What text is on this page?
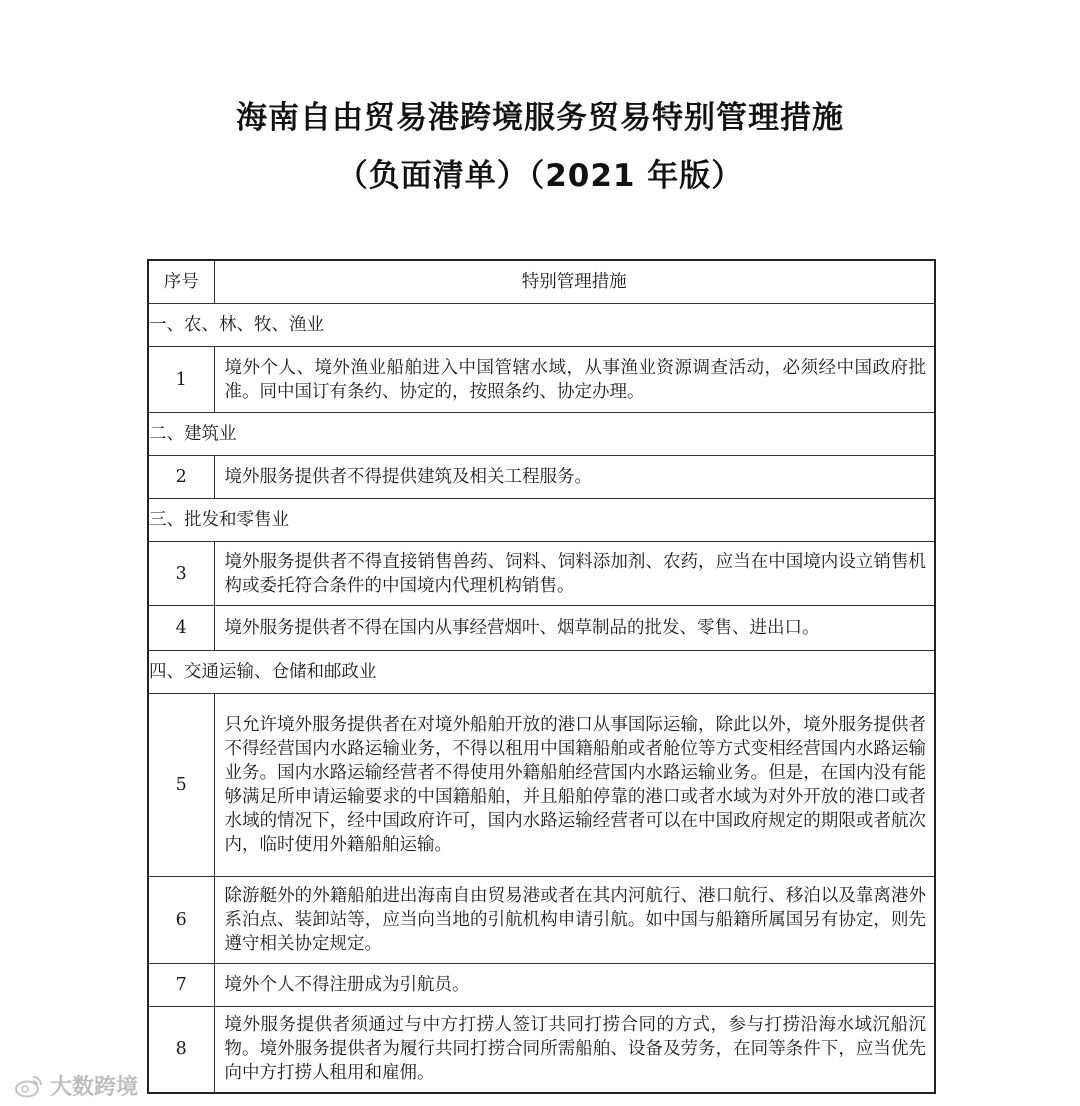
海南自由贸易港跨境服务贸易特别管理措施
（负面清单）（2021 年版）
序号	特别管理措施
一、农、林、牧、渔业	
1	境外个人、境外渔业船舶进入中国管辖水域，从事渔业资源调查活动，必须经中国政府批准。同中国订有条约、协定的，按照条约、协定办理。
二、建筑业	
2	境外服务提供者不得提供建筑及相关工程服务。
三、批发和零售业	
3	境外服务提供者不得直接销售兽药、饲料、饲料添加剂、农药，应当在中国境内设立销售机构或委托符合条件的中国境内代理机构销售。
4	境外服务提供者不得在国内从事经营烟叶、烟草制品的批发、零售、进出口。
四、交通运输、仓储和邮政业	
5	只允许境外服务提供者在对境外船舶开放的港口从事国际运输，除此以外，境外服务提供者不得经营国内水路运输业务，不得以租用中国籍船舶或者舱位等方式变相经营国内水路运输业务。国内水路运输经营者不得使用外籍船舶经营国内水路运输业务。但是，在国内没有能够满足所申请运输要求的中国籍船舶，并且船舶停靠的港口或者水域为对外开放的港口或者水域的情况下，经中国政府许可，国内水路运输经营者可以在中国政府规定的期限或者航次内，临时使用外籍船舶运输。
6	除游艇外的外籍船舶进出海南自由贸易港或者在其内河航行、港口航行、移泊以及靠离港外系泊点、装卸站等，应当向当地的引航机构申请引航。如中国与船籍所属国另有协定，则先遵守相关协定规定。
7	境外个人不得注册成为引航员。
8	境外服务提供者须通过与中方打捞人签订共同打捞合同的方式，参与打捞沿海水域沉船沉物。境外服务提供者为履行共同打捞合同所需船舶、设备及劳务，在同等条件下，应当优先向中方打捞人租用和雇佣。
大数跨境
